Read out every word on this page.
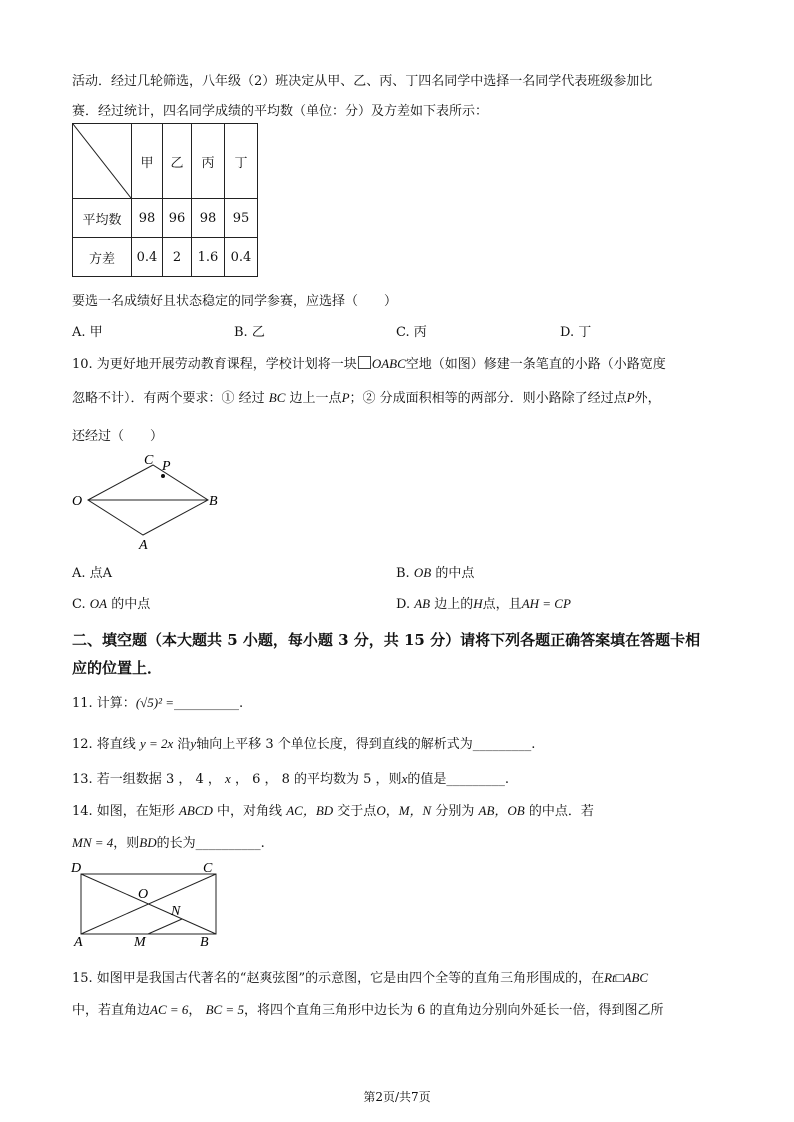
活动．经过几轮筛选，八年级（2）班决定从甲、乙、丙、丁四名同学中选择一名同学代表班级参加比
赛．经过统计，四名同学成绩的平均数（单位：分）及方差如下表所示：
	甲	乙	丙	丁
平均数	98	96	98	95
方差	0.4	2	1.6	0.4
要选一名成绩好且状态稳定的同学参赛，应选择（　　）
A. 甲	B. 乙	C. 丙	D. 丁
10. 为更好地开展劳动教育课程，学校计划将一块 OABC空地（如图）修建一条笔直的小路（小路宽度
忽略不计）．有两个要求：① 经过 BC 边上一点P；② 分成面积相等的两部分．则小路除了经过点P外，
还经过（　　）
C P
O	B
A
A. 点A	B. OB 的中点
C. OA 的中点	D. AB 边上的H点，且AH = CP
二、填空题（本大题共 5 小题，每小题 3 分，共 15 分）请将下列各题正确答案填在答题卡相
应的位置上．
11. 计算：(√5)² =__________.
12. 将直线 y = 2x 沿y轴向上平移 3 个单位长度，得到直线的解析式为_________.
13. 若一组数据 3 ， 4 ， x ， 6 ， 8 的平均数为 5 ，则x的值是_________.
14. 如图，在矩形 ABCD 中，对角线 AC，BD 交于点O，M，N 分别为 AB，OB 的中点．若
MN = 4，则BD的长为__________.
D	C
O
N
A	M	B
15. 如图甲是我国古代著名的“赵爽弦图”的示意图，它是由四个全等的直角三角形围成的，在Rt□ABC
中，若直角边AC = 6， BC = 5，将四个直角三角形中边长为 6 的直角边分别向外延长一倍，得到图乙所
第2页/共7页
